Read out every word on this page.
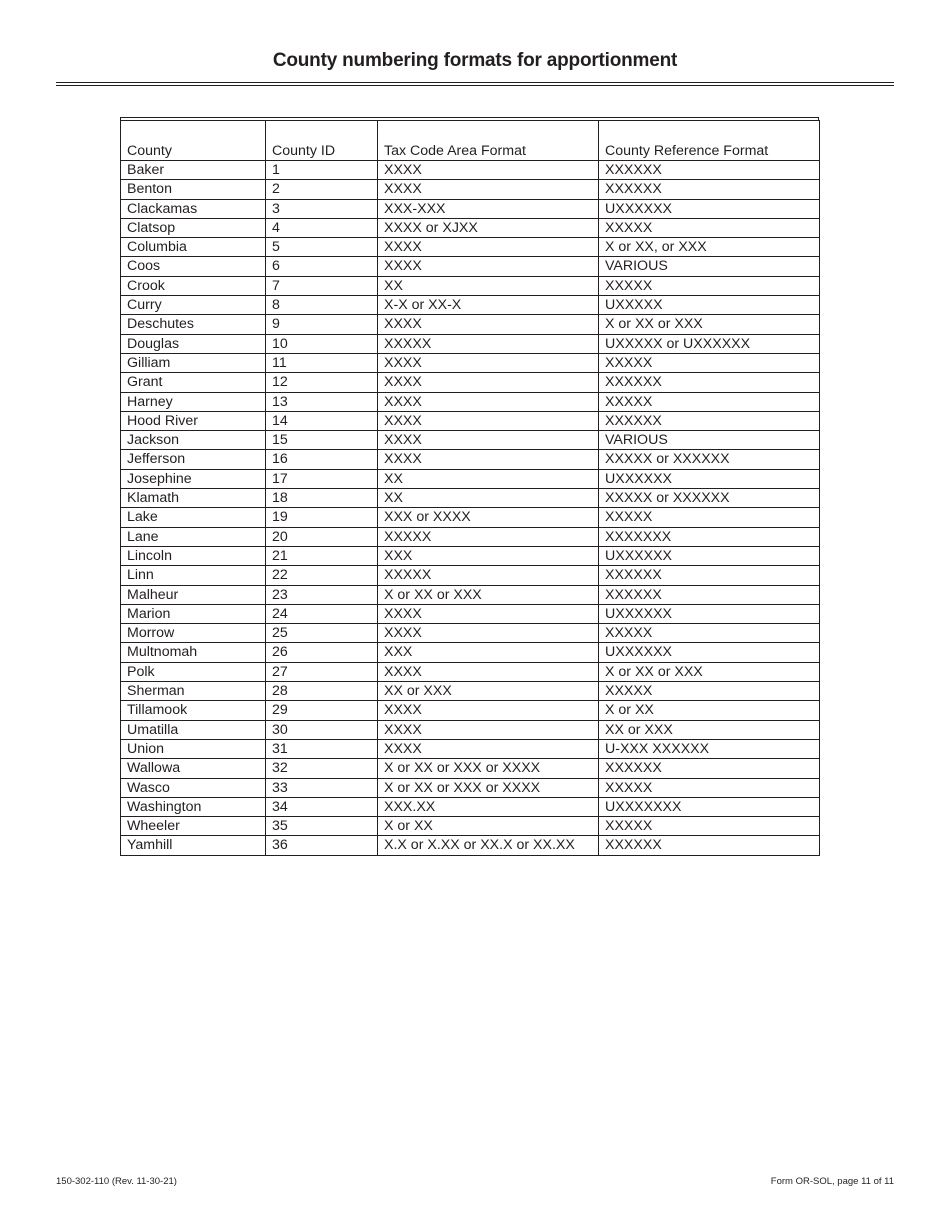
County numbering formats for apportionment
County	County ID	Tax Code Area Format	County Reference Format
Baker	1	XXXX	XXXXXX
Benton	2	XXXX	XXXXXX
Clackamas	3	XXX-XXX	UXXXXXX
Clatsop	4	XXXX or XJXX	XXXXX
Columbia	5	XXXX	X or XX, or XXX
Coos	6	XXXX	VARIOUS
Crook	7	XX	XXXXX
Curry	8	X-X or XX-X	UXXXXX
Deschutes	9	XXXX	X or XX or XXX
Douglas	10	XXXXX	UXXXXX or UXXXXXX
Gilliam	11	XXXX	XXXXX
Grant	12	XXXX	XXXXXX
Harney	13	XXXX	XXXXX
Hood River	14	XXXX	XXXXXX
Jackson	15	XXXX	VARIOUS
Jefferson	16	XXXX	XXXXX or XXXXXX
Josephine	17	XX	UXXXXXX
Klamath	18	XX	XXXXX or XXXXXX
Lake	19	XXX or XXXX	XXXXX
Lane	20	XXXXX	XXXXXXX
Lincoln	21	XXX	UXXXXXX
Linn	22	XXXXX	XXXXXX
Malheur	23	X or XX or XXX	XXXXXX
Marion	24	XXXX	UXXXXXX
Morrow	25	XXXX	XXXXX
Multnomah	26	XXX	UXXXXXX
Polk	27	XXXX	X or XX or XXX
Sherman	28	XX or XXX	XXXXX
Tillamook	29	XXXX	X or XX
Umatilla	30	XXXX	XX or XXX
Union	31	XXXX	U-XXX XXXXXX
Wallowa	32	X or XX or XXX or XXXX	XXXXXX
Wasco	33	X or XX or XXX or XXXX	XXXXX
Washington	34	XXX.XX	UXXXXXXX
Wheeler	35	X or XX	XXXXX
Yamhill	36	X.X or X.XX or XX.X or XX.XX	XXXXXX
150-302-110 (Rev. 11-30-21)	Form OR-SOL, page 11 of 11
